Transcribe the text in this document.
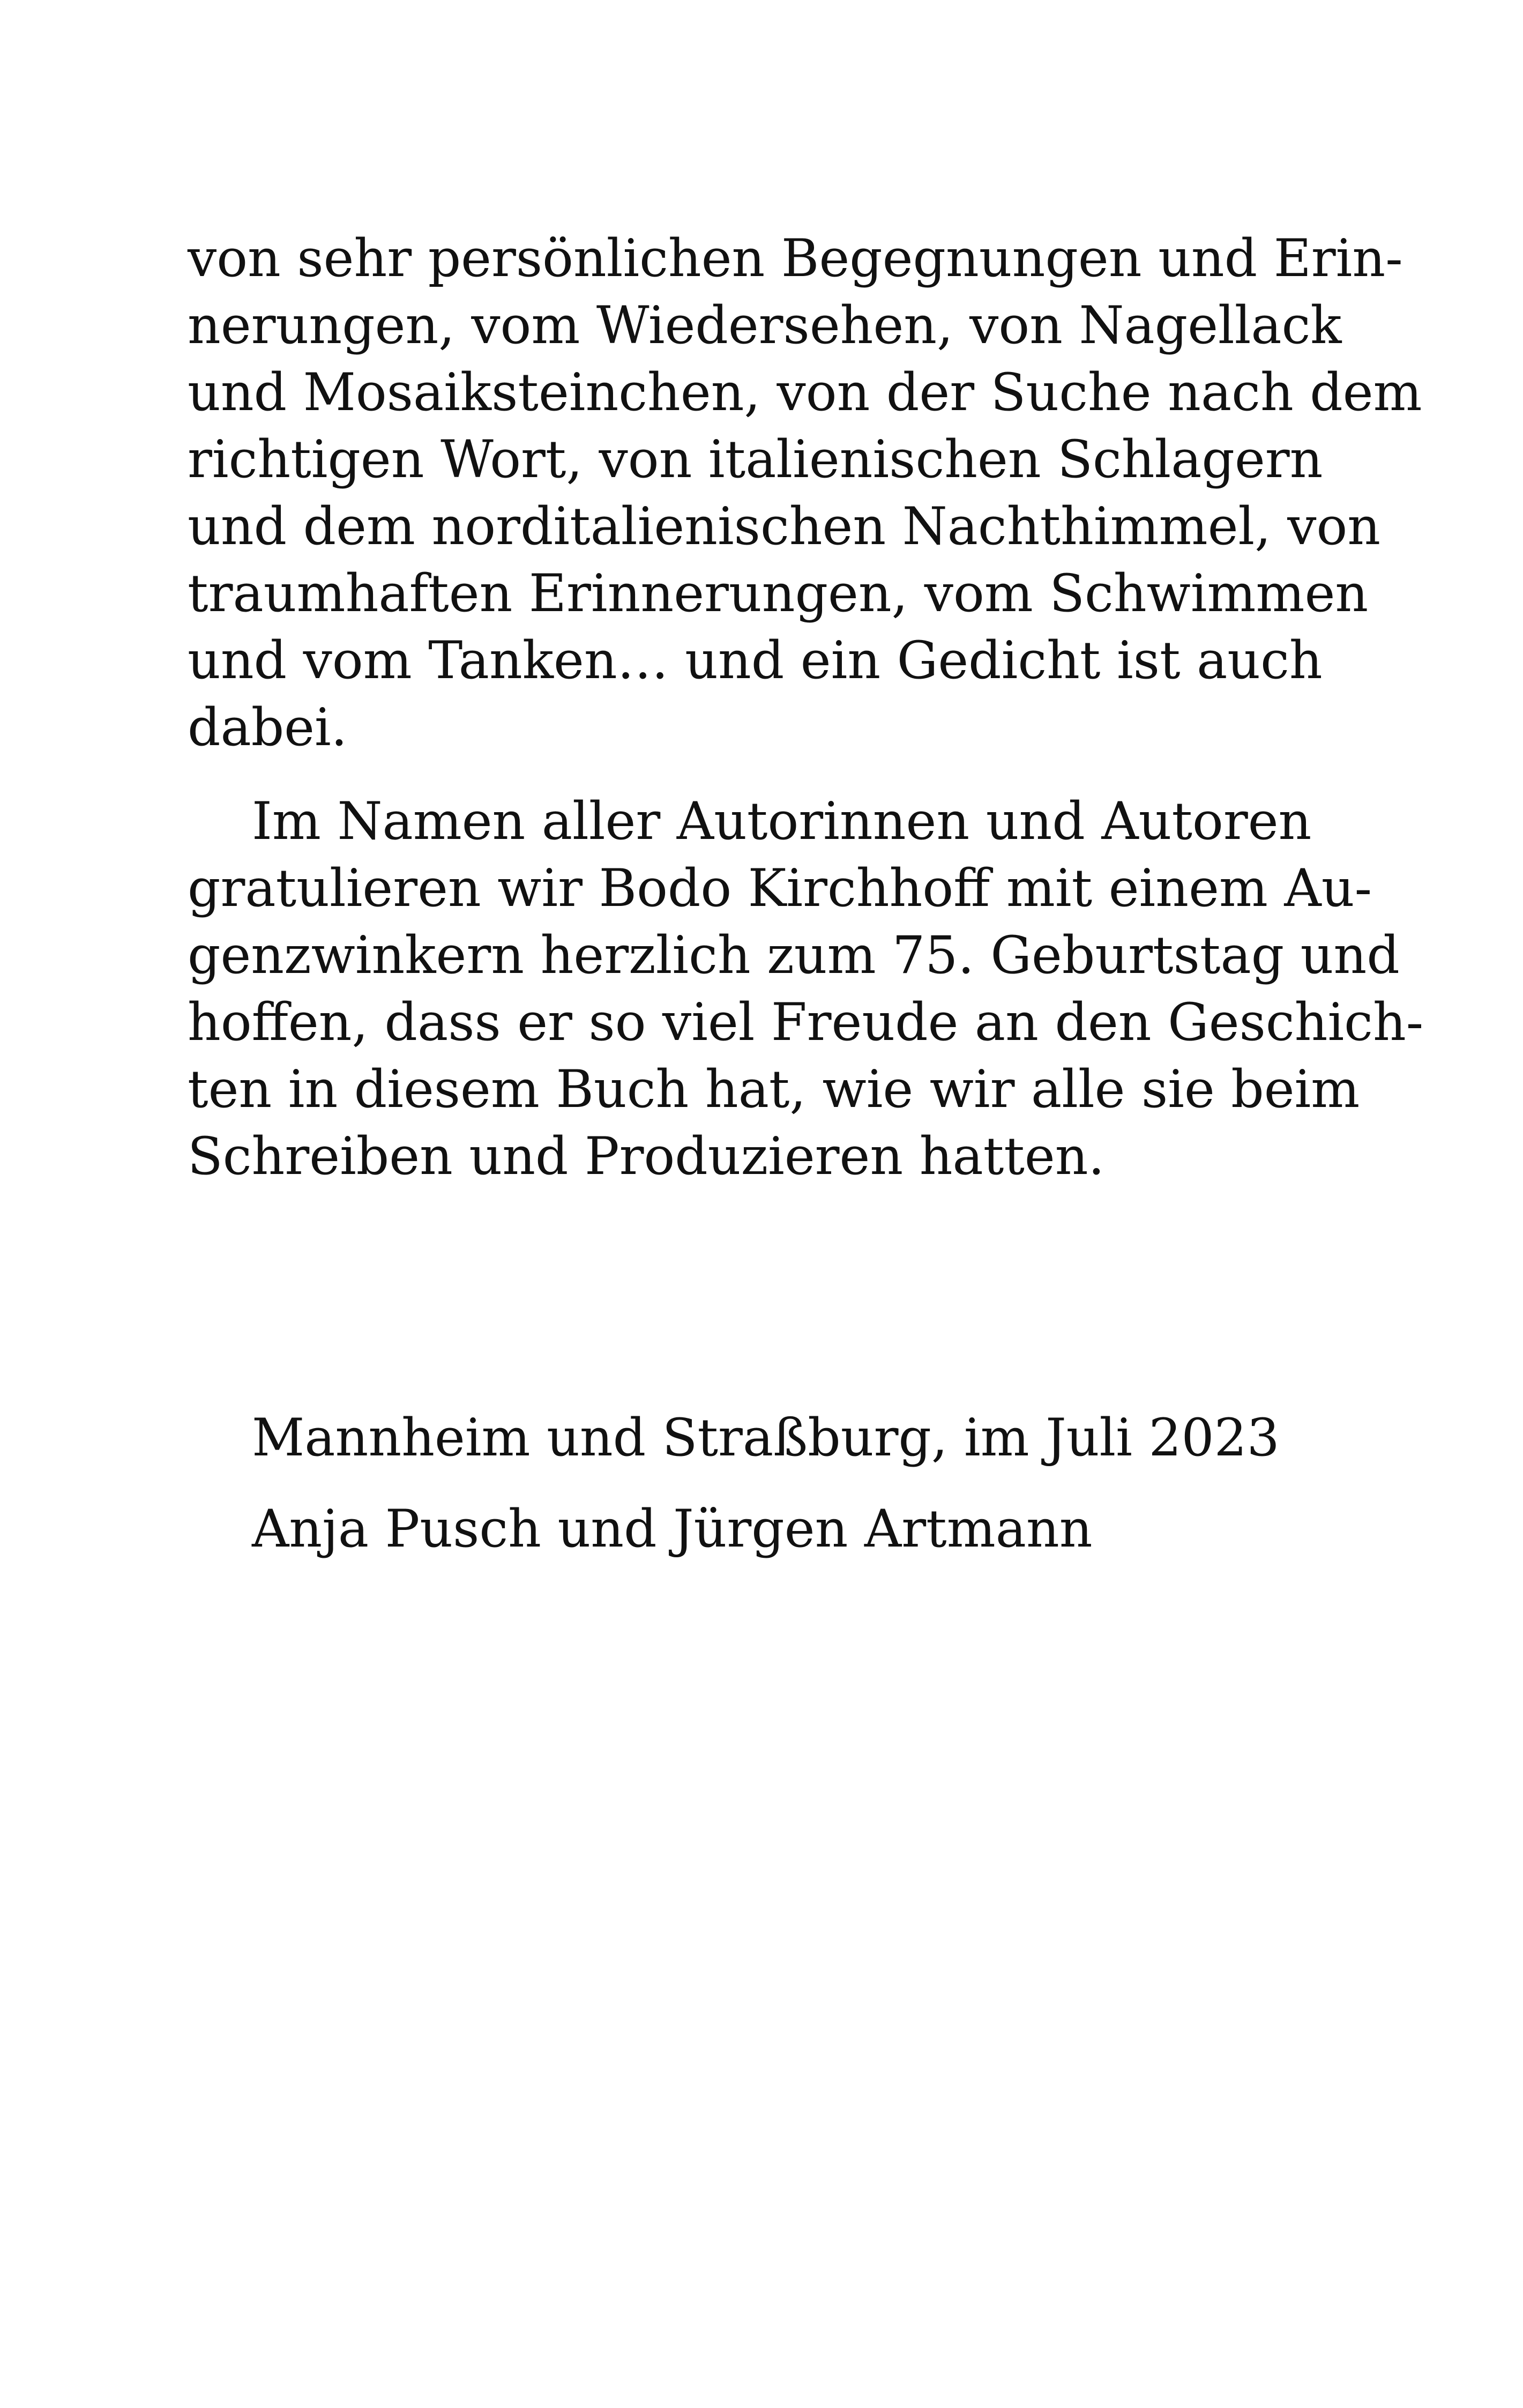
von sehr persönlichen Begegnungen und Erin-
nerungen, vom Wiedersehen, von Nagellack
und Mosaiksteinchen, von der Suche nach dem
richtigen Wort, von italienischen Schlagern
und dem norditalienischen Nachthimmel, von
traumhaften Erinnerungen, vom Schwimmen
und vom Tanken… und ein Gedicht ist auch
dabei.
Im Namen aller Autorinnen und Autoren
gratulieren wir Bodo Kirchhoff mit einem Au-
genzwinkern herzlich zum 75. Geburtstag und
hoffen, dass er so viel Freude an den Geschich-
ten in diesem Buch hat, wie wir alle sie beim
Schreiben und Produzieren hatten.
Mannheim und Straßburg, im Juli 2023
Anja Pusch und Jürgen Artmann
